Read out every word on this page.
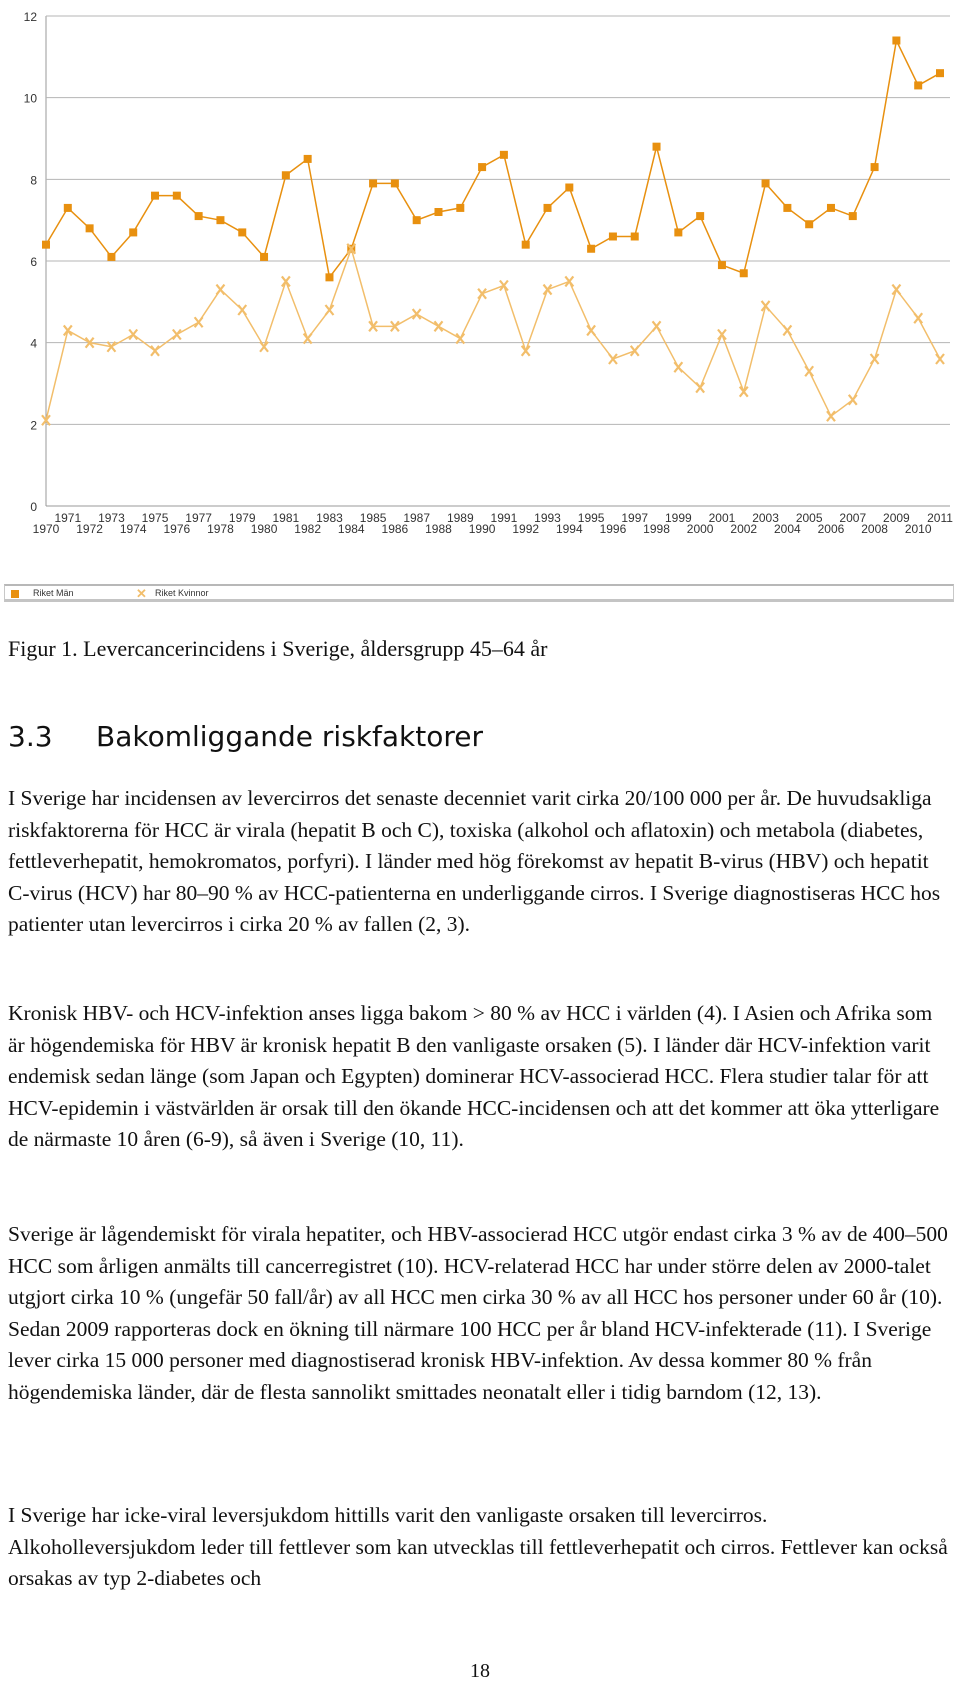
0
2
4
6
8
10
12
1970
1971
1972
1973
1974
1975
1976
1977
1978
1979
1980
1981
1982
1983
1984
1985
1986
1987
1988
1989
1990
1991
1992
1993
1994
1995
1996
1997
1998
1999
2000
2001
2002
2003
2004
2005
2006
2007
2008
2009
2010
2011
Riket Män	✕ Riket Kvinnor
Figur 1. Levercancerincidens i Sverige, åldersgrupp 45–64 år
3.3 Bakomliggande riskfaktorer

I Sverige har incidensen av levercirros det senaste decenniet varit cirka 20/100 000 per år. De huvudsakliga riskfaktorerna för HCC är virala (hepatit B och C), toxiska (alkohol och aflatoxin) och metabola (diabetes, fettleverhepatit, hemokromatos, porfyri). I länder med hög förekomst av hepatit B-virus (HBV) och hepatit C-virus (HCV) har 80–90 % av HCC-patienterna en underliggande cirros. I Sverige diagnostiseras HCC hos patienter utan levercirros i cirka 20 % av fallen (2, 3).

Kronisk HBV- och HCV-infektion anses ligga bakom > 80 % av HCC i världen (4). I Asien och Afrika som är högendemiska för HBV är kronisk hepatit B den vanligaste orsaken (5). I länder där HCV-infektion varit endemisk sedan länge (som Japan och Egypten) dominerar HCV-associerad HCC. Flera studier talar för att HCV-epidemin i västvärlden är orsak till den ökande HCC-incidensen och att det kommer att öka ytterligare de närmaste 10 åren (6-9), så även i Sverige (10, 11).

Sverige är lågendemiskt för virala hepatiter, och HBV-associerad HCC utgör endast cirka 3 % av de 400–500 HCC som årligen anmälts till cancerregistret (10). HCV-relaterad HCC har under större delen av 2000-talet utgjort cirka 10 % (ungefär 50 fall/år) av all HCC men cirka 30 % av all HCC hos personer under 60 år (10). Sedan 2009 rapporteras dock en ökning till närmare 100 HCC per år bland HCV-infekterade (11). I Sverige lever cirka 15 000 personer med diagnostiserad kronisk HBV-infektion. Av dessa kommer 80 % från högendemiska länder, där de flesta sannolikt smittades neonatalt eller i tidig barndom (12, 13).

I Sverige har icke-viral leversjukdom hittills varit den vanligaste orsaken till levercirros. Alkoholleversjukdom leder till fettlever som kan utvecklas till fettleverhepatit och cirros. Fettlever kan också orsakas av typ 2-diabetes och

18
